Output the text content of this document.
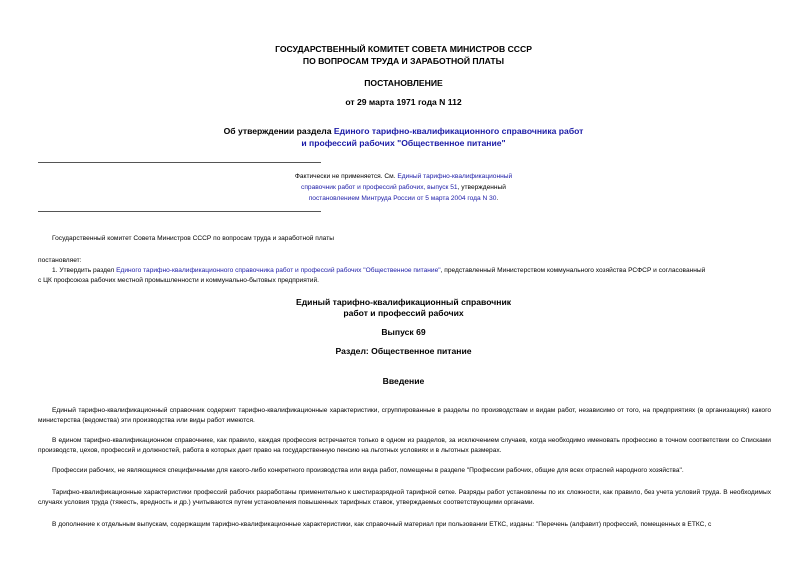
ГОСУДАРСТВЕННЫЙ КОМИТЕТ СОВЕТА МИНИСТРОВ СССР
ПО ВОПРОСАМ ТРУДА И ЗАРАБОТНОЙ ПЛАТЫ
ПОСТАНОВЛЕНИЕ
от 29 марта 1971 года N 112
Об утверждении раздела Единого тарифно-квалификационного справочника работ
и профессий рабочих "Общественное питание"
Фактически не применяется. См. Единый тарифно-квалификационный
справочник работ и профессий рабочих, выпуск 51, утвержденный
постановлением Минтруда России от 5 марта 2004 года N 30.
Государственный комитет Совета Министров СССР по вопросам труда и заработной платы
постановляет:
1. Утвердить раздел Единого тарифно-квалификационного справочника работ и профессий рабочих "Общественное питание", представленный Министерством коммунального хозяйства РСФСР и согласованный
с ЦК профсоюза рабочих местной промышленности и коммунально-бытовых предприятий.
Единый тарифно-квалификационный справочник
работ и профессий рабочих
Выпуск 69
Раздел: Общественное питание
Введение
Единый тарифно-квалификационный справочник содержит тарифно-квалификационные характеристики, сгруппированные в разделы по производствам и видам работ, независимо от того, на предприятиях (в организациях) какого министерства (ведомства) эти производства или виды работ имеются.
В едином тарифно-квалификационном справочнике, как правило, каждая профессия встречается только в одном из разделов, за исключением случаев, когда необходимо именовать профессию в точном соответствии со Списками производств, цехов, профессий и должностей, работа в которых дает право на государственную пенсию на льготных условиях и в льготных размерах.
Профессии рабочих, не являющиеся специфичными для какого-либо конкретного производства или вида работ, помещены в разделе "Профессии рабочих, общие для всех отраслей народного хозяйства".
Тарифно-квалификационные характеристики профессий рабочих разработаны применительно к шестиразрядной тарифной сетке. Разряды работ установлены по их сложности, как правило, без учета условий труда. В необходимых случаях условия труда (тяжесть, вредность и др.) учитываются путем установления повышенных тарифных ставок, утверждаемых соответствующими органами.
В дополнение к отдельным выпускам, содержащим тарифно-квалификационные характеристики, как справочный материал при пользовании ЕТКС, изданы: "Перечень (алфавит) профессий, помещенных в ЕТКС, с
